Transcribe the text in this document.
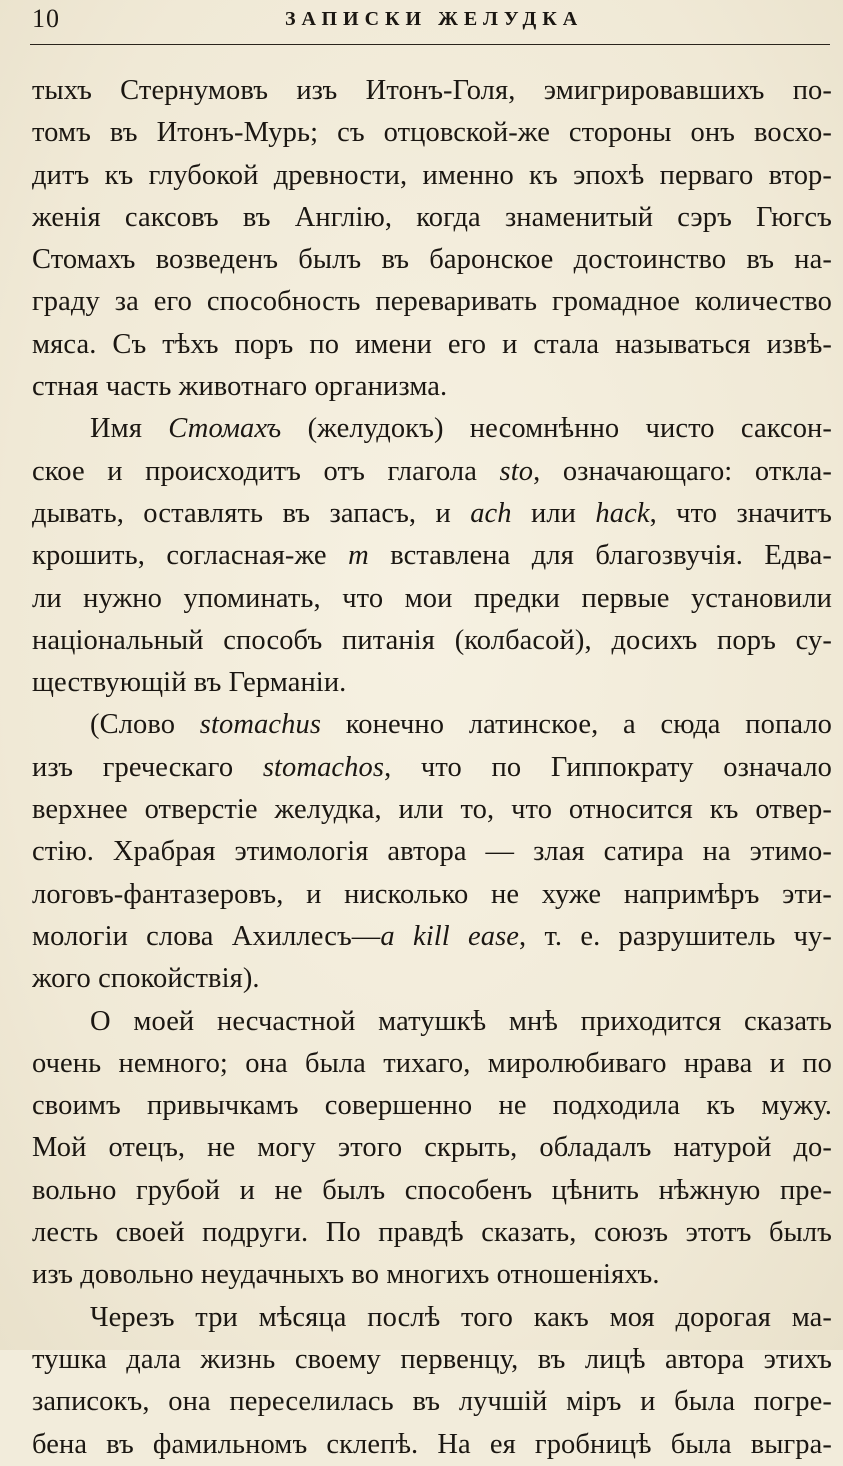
10	ЗАПИСКИ ЖЕЛУДКА
тыхъ Стернумовъ изъ Итонъ-Голя, эмигрировавшихъ по-
томъ въ Итонъ-Мурь; съ отцовской-же стороны онъ восхо-
дитъ къ глубокой древности, именно къ эпохѣ перваго втор-
женія саксовъ въ Англію, когда знаменитый сэръ Гюгсъ
Стомахъ возведенъ былъ въ баронское достоинство въ на-
граду за его способность переваривать громадное количество
мяса. Съ тѣхъ поръ по имени его и стала называться извѣ-
стная часть животнаго организма.
Имя Стомахъ (желудокъ) несомнѣнно чисто саксон-
ское и происходитъ отъ глагола sto, означающаго: откла-
дывать, оставлять въ запасъ, и ach или hack, что значитъ
крошить, согласная-же m вставлена для благозвучія. Едва-
ли нужно упоминать, что мои предки первые установили
національный способъ питанія (колбасой), досихъ поръ су-
ществующій въ Германіи.
(Слово stomachus конечно латинское, а сюда попало
изъ греческаго stomachos, что по Гиппократу означало
верхнее отверстіе желудка, или то, что относится къ отвер-
стію. Храбрая этимологія автора — злая сатира на этимо-
логовъ-фантазеровъ, и нисколько не хуже напримѣръ эти-
мологіи слова Ахиллесъ—a kill ease, т. е. разрушитель чу-
жого спокойствія).
О моей несчастной матушкѣ мнѣ приходится сказать
очень немного; она была тихаго, миролюбиваго нрава и по
своимъ привычкамъ совершенно не подходила къ мужу.
Мой отецъ, не могу этого скрыть, обладалъ натурой до-
вольно грубой и не былъ способенъ цѣнить нѣжную пре-
лесть своей подруги. По правдѣ сказать, союзъ этотъ былъ
изъ довольно неудачныхъ во многихъ отношеніяхъ.
Черезъ три мѣсяца послѣ того какъ моя дорогая ма-
тушка дала жизнь своему первенцу, въ лицѣ автора этихъ
записокъ, она переселилась въ лучшій міръ и была погре-
бена въ фамильномъ склепѣ. На ея гробницѣ была выгра-
